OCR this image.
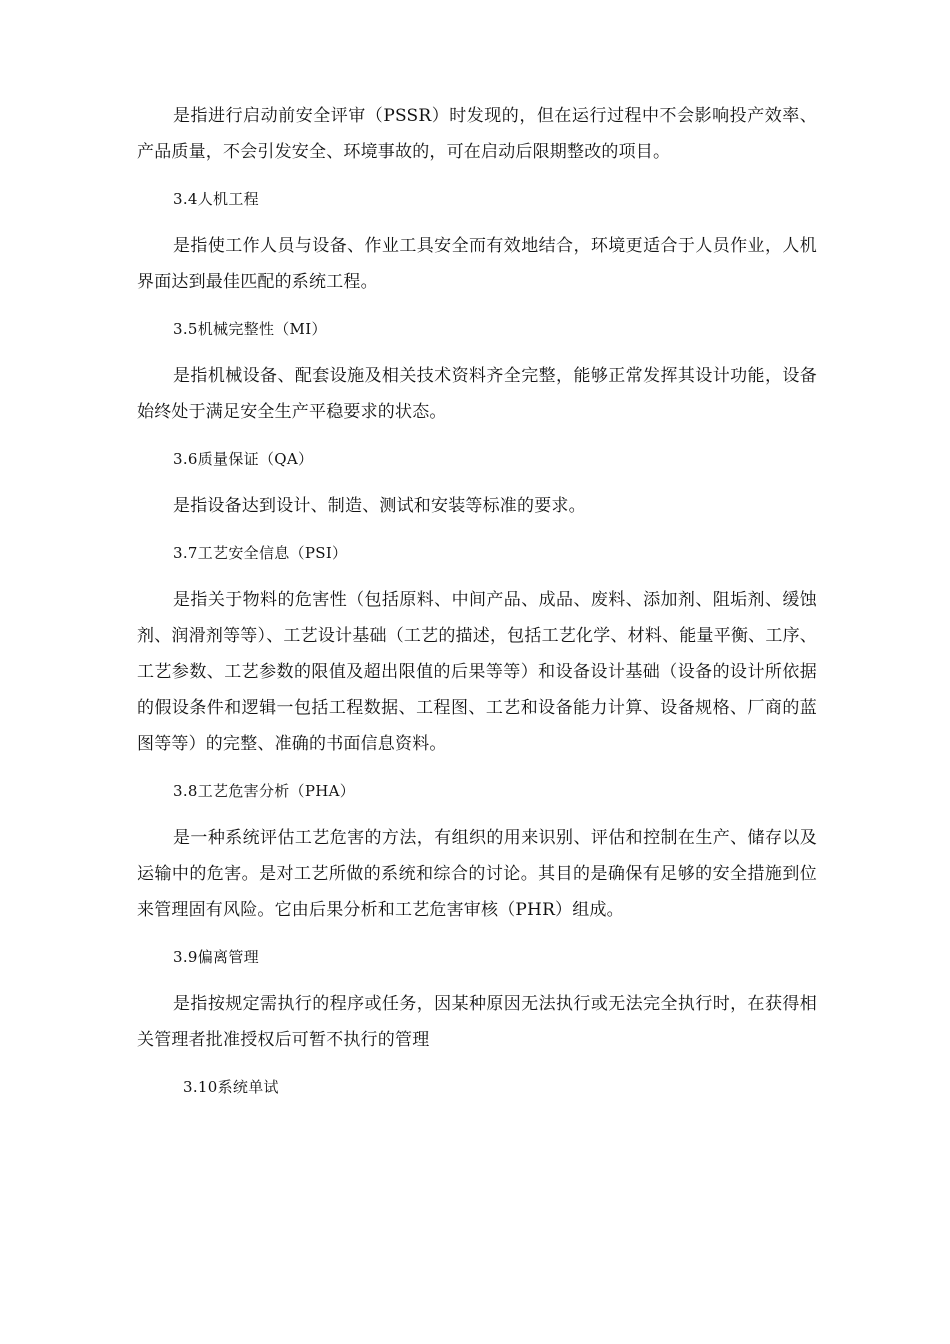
是指进行启动前安全评审（PSSR）时发现的，但在运行过程中不会影响投产效率、产品质量，不会引发安全、环境事故的，可在启动后限期整改的项目。

3.4人机工程

是指使工作人员与设备、作业工具安全而有效地结合，环境更适合于人员作业，人机界面达到最佳匹配的系统工程。

3.5机械完整性（MI）

是指机械设备、配套设施及相关技术资料齐全完整，能够正常发挥其设计功能，设备始终处于满足安全生产平稳要求的状态。

3.6质量保证（QA）

是指设备达到设计、制造、测试和安装等标准的要求。

3.7工艺安全信息（PSI）

是指关于物料的危害性（包括原料、中间产品、成品、废料、添加剂、阻垢剂、缓蚀剂、润滑剂等等）、工艺设计基础（工艺的描述，包括工艺化学、材料、能量平衡、工序、工艺参数、工艺参数的限值及超出限值的后果等等）和设备设计基础（设备的设计所依据的假设条件和逻辑一包括工程数据、工程图、工艺和设备能力计算、设备规格、厂商的蓝图等等）的完整、准确的书面信息资料。

3.8工艺危害分析（PHA）

是一种系统评估工艺危害的方法，有组织的用来识别、评估和控制在生产、储存以及运输中的危害。是对工艺所做的系统和综合的讨论。其目的是确保有足够的安全措施到位来管理固有风险。它由后果分析和工艺危害审核（PHR）组成。

3.9偏离管理

是指按规定需执行的程序或任务，因某种原因无法执行或无法完全执行时，在获得相关管理者批准授权后可暂不执行的管理

3.10系统单试
